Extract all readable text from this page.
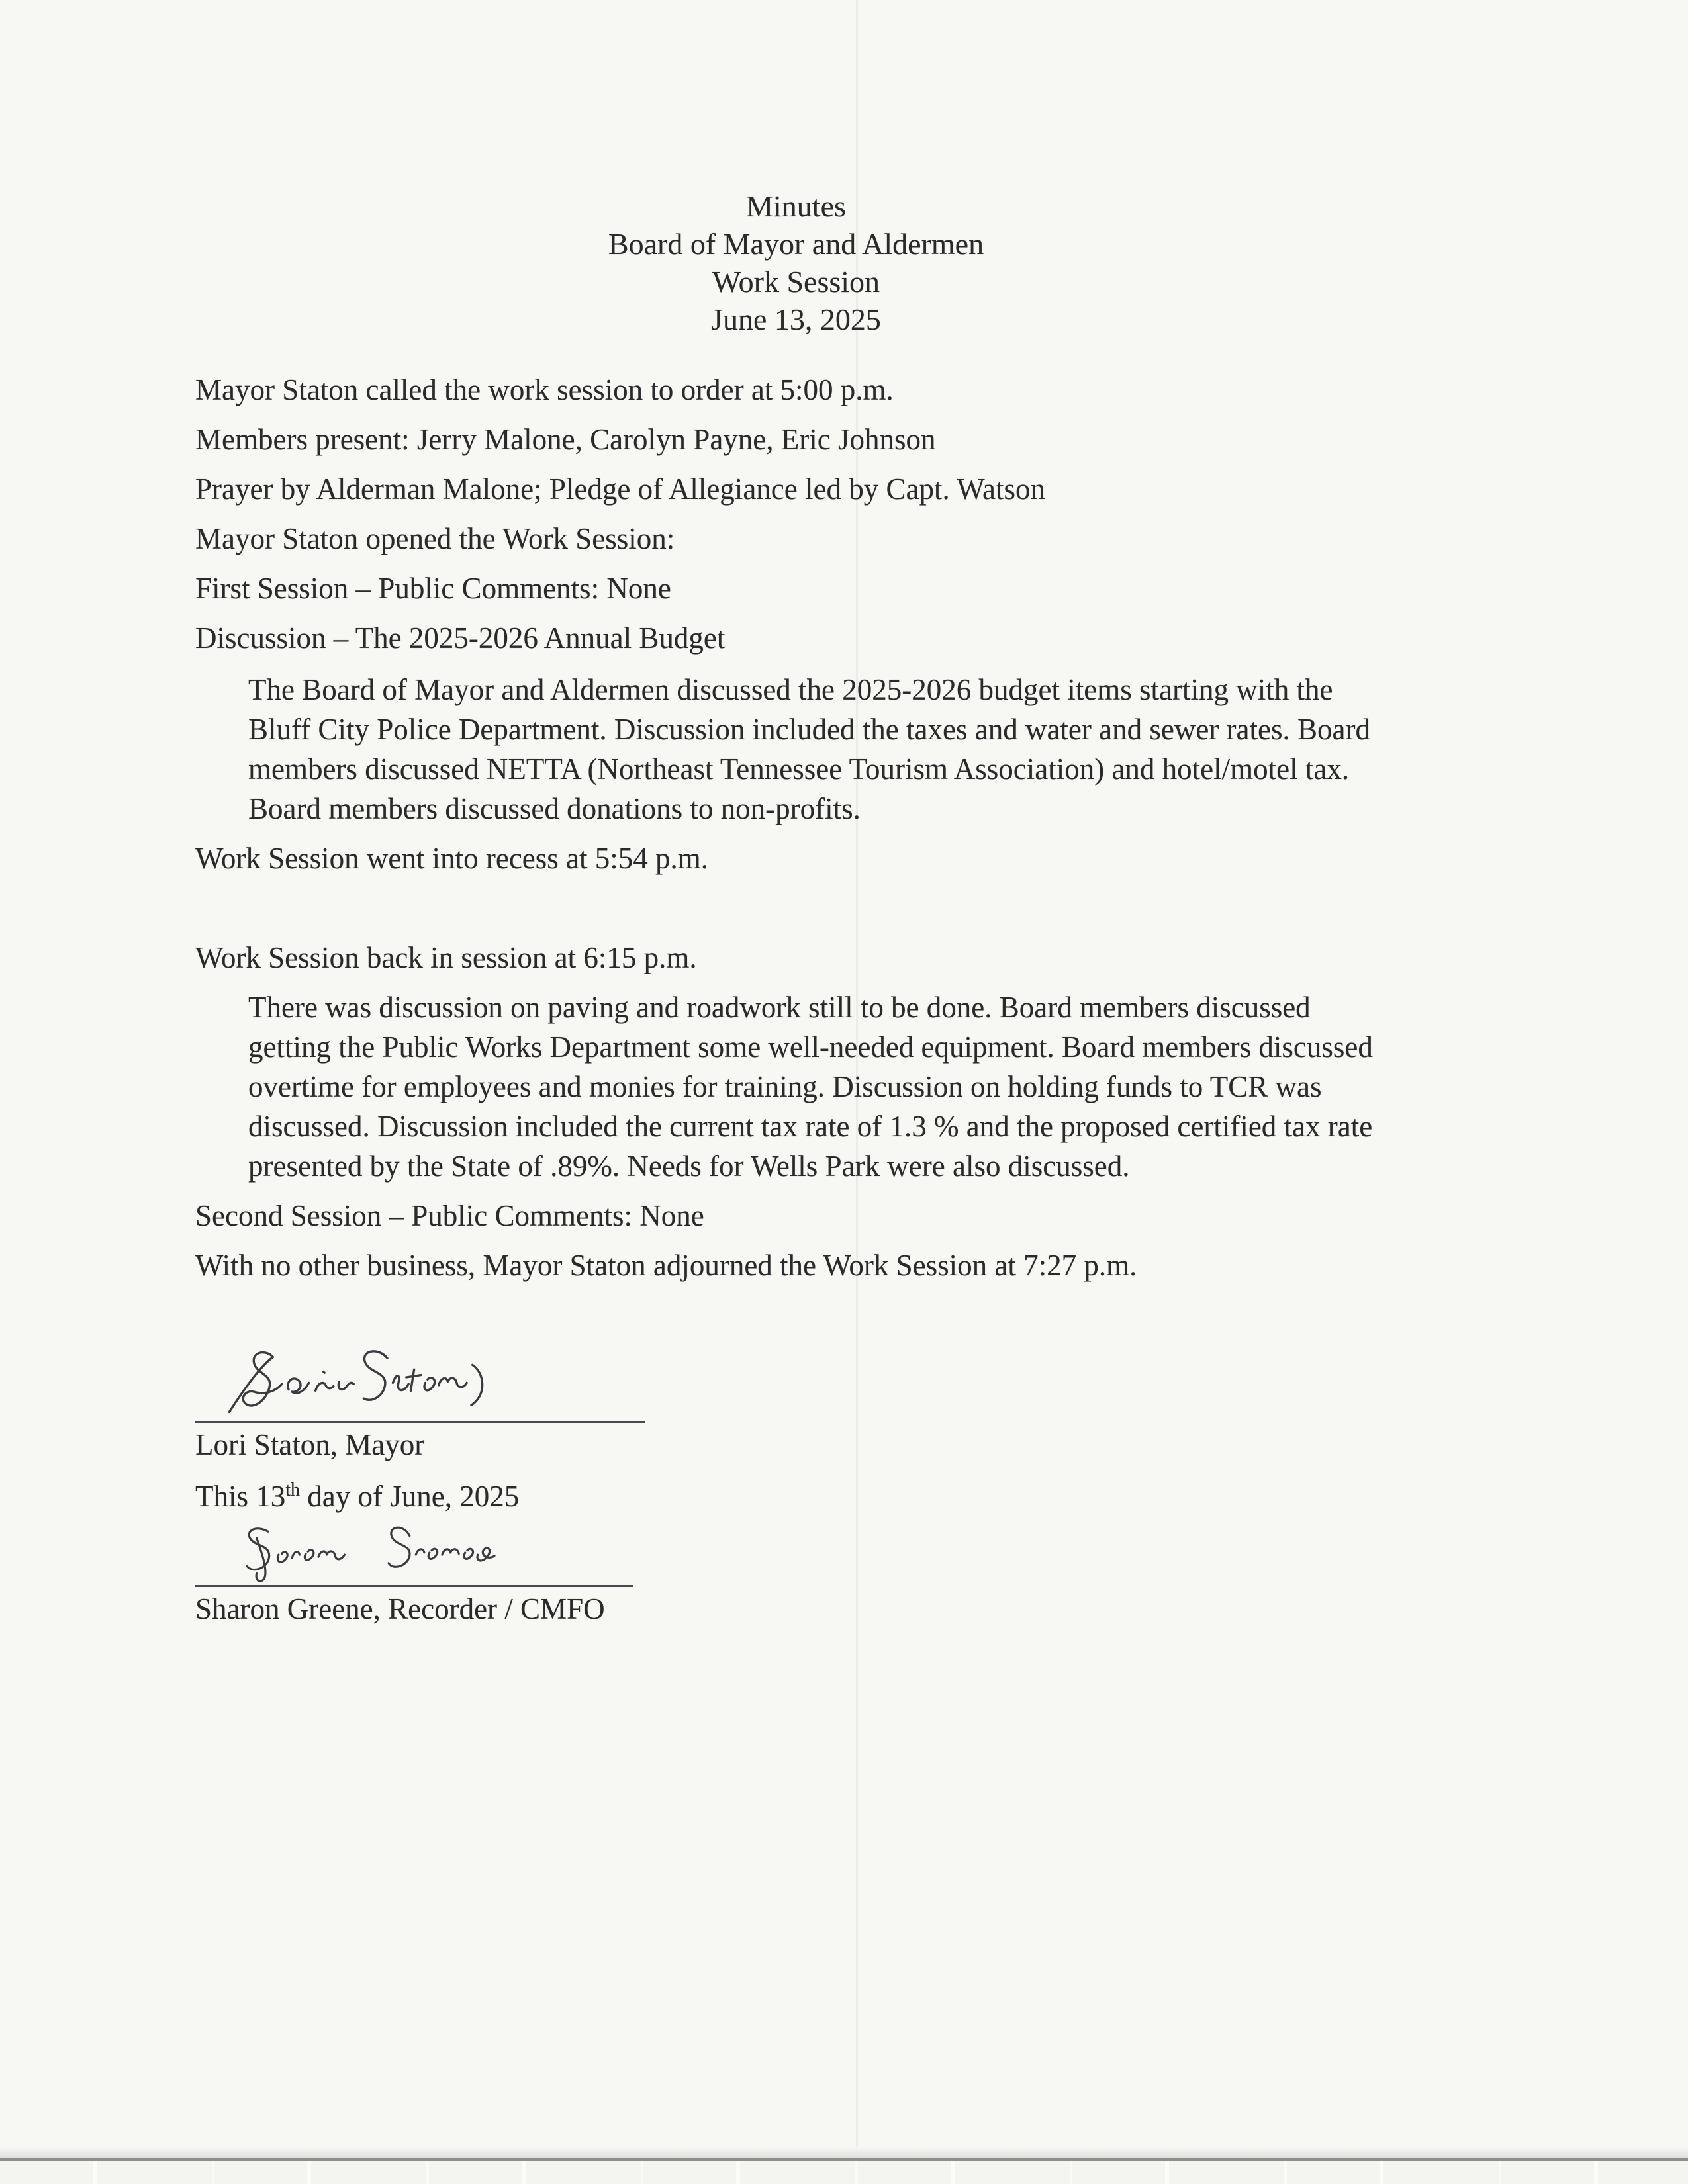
Minutes
Board of Mayor and Aldermen
Work Session
June 13, 2025

Mayor Staton called the work session to order at 5:00 p.m.

Members present: Jerry Malone, Carolyn Payne, Eric Johnson

Prayer by Alderman Malone; Pledge of Allegiance led by Capt. Watson

Mayor Staton opened the Work Session:

First Session – Public Comments: None

Discussion – The 2025-2026 Annual Budget

The Board of Mayor and Aldermen discussed the 2025-2026 budget items starting with the Bluff City Police Department. Discussion included the taxes and water and sewer rates. Board members discussed NETTA (Northeast Tennessee Tourism Association) and hotel/motel tax. Board members discussed donations to non-profits.

Work Session went into recess at 5:54 p.m.

Work Session back in session at 6:15 p.m.

There was discussion on paving and roadwork still to be done. Board members discussed getting the Public Works Department some well-needed equipment. Board members discussed overtime for employees and monies for training. Discussion on holding funds to TCR was discussed. Discussion included the current tax rate of 1.3 % and the proposed certified tax rate presented by the State of .89%. Needs for Wells Park were also discussed.

Second Session – Public Comments: None

With no other business, Mayor Staton adjourned the Work Session at 7:27 p.m.

Lori Staton, Mayor
This 13th day of June, 2025
Sharon Greene, Recorder / CMFO
